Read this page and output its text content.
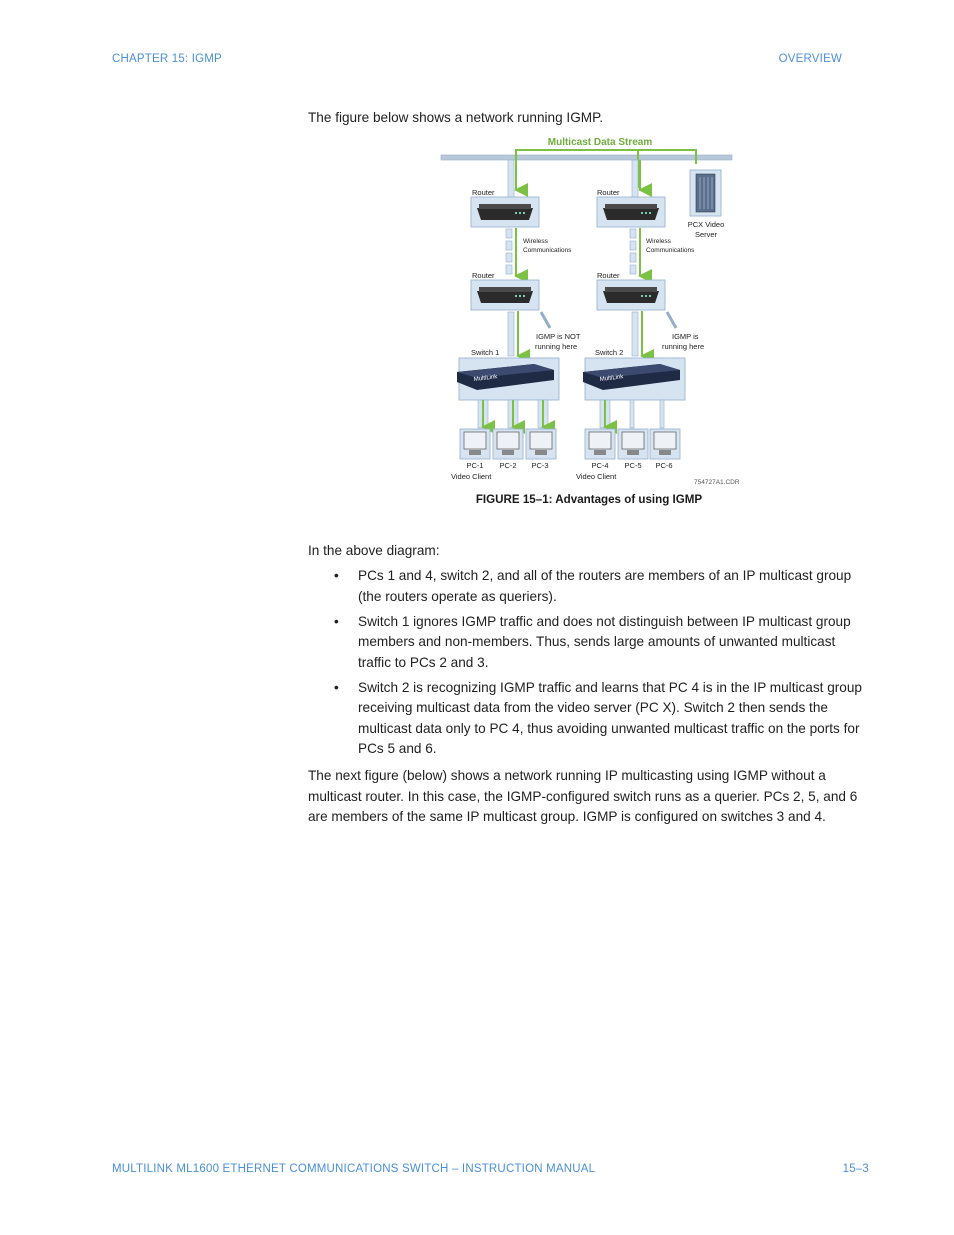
CHAPTER 15: IGMP	OVERVIEW
The figure below shows a network running IGMP.
Multicast Data Stream
PCX Video
Server
Router	Router
Router	Router
Wireless
Communications
Wireless
Communications
IGMP is NOT
running here
IGMP is
running here
Switch 1	Switch 2
MultiLink	MultiLink
PC-1 PC-2 PC-3	PC-4 PC-5 PC-6
Video Client	Video Client
754727A1.CDR
FIGURE 15–1: Advantages of using IGMP
In the above diagram:
• PCs 1 and 4, switch 2, and all of the routers are members of an IP multicast group (the routers operate as queriers).
• Switch 1 ignores IGMP traffic and does not distinguish between IP multicast group members and non-members. Thus, sends large amounts of unwanted multicast traffic to PCs 2 and 3.
• Switch 2 is recognizing IGMP traffic and learns that PC 4 is in the IP multicast group receiving multicast data from the video server (PC X). Switch 2 then sends the multicast data only to PC 4, thus avoiding unwanted multicast traffic on the ports for PCs 5 and 6.
The next figure (below) shows a network running IP multicasting using IGMP without a multicast router. In this case, the IGMP-configured switch runs as a querier. PCs 2, 5, and 6 are members of the same IP multicast group. IGMP is configured on switches 3 and 4.
MULTILINK ML1600 ETHERNET COMMUNICATIONS SWITCH – INSTRUCTION MANUAL	15–3
